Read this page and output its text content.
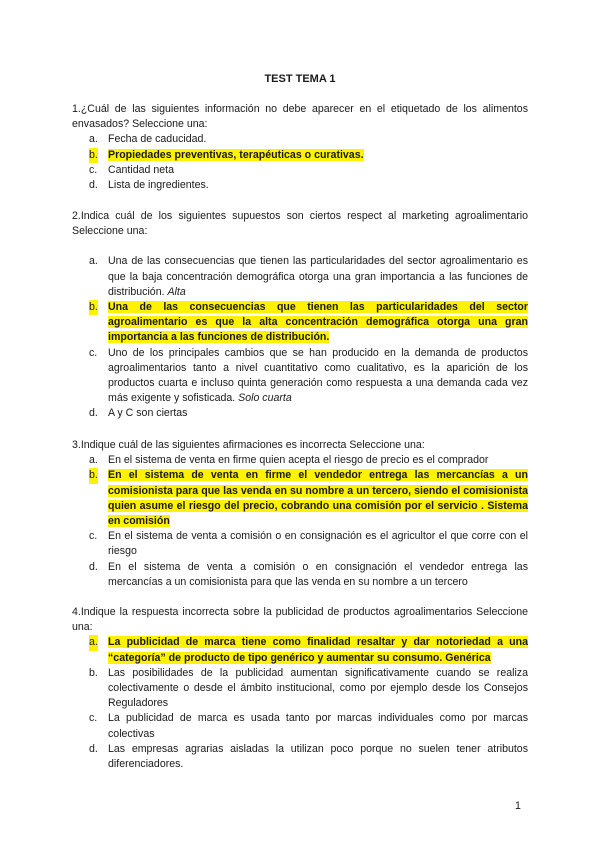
TEST TEMA 1
1.¿Cuál de las siguientes información no debe aparecer en el etiquetado de los alimentos envasados? Seleccione una:
a. Fecha de caducidad.
b. Propiedades preventivas, terapéuticas o curativas.
c. Cantidad neta
d. Lista de ingredientes.
2.Indica cuál de los siguientes supuestos son ciertos respect al marketing agroalimentario Seleccione una:
a. Una de las consecuencias que tienen las particularidades del sector agroalimentario es que la baja concentración demográfica otorga una gran importancia a las funciones de distribución. Alta
b. Una de las consecuencias que tienen las particularidades del sector agroalimentario es que la alta concentración demográfica otorga una gran importancia a las funciones de distribución.
c. Uno de los principales cambios que se han producido en la demanda de productos agroalimentarios tanto a nivel cuantitativo como cualitativo, es la aparición de los productos cuarta e incluso quinta generación como respuesta a una demanda cada vez más exigente y sofisticada. Solo cuarta
d. A y C son ciertas
3.Indique cuál de las siguientes afirmaciones es incorrecta Seleccione una:
a. En el sistema de venta en firme quien acepta el riesgo de precio es el comprador
b. En el sistema de venta en firme el vendedor entrega las mercancías a un comisionista para que las venda en su nombre a un tercero, siendo el comisionista quien asume el riesgo del precio, cobrando una comisión por el servicio . Sistema en comisión
c. En el sistema de venta a comisión o en consignación es el agricultor el que corre con el riesgo
d. En el sistema de venta a comisión o en consignación el vendedor entrega las mercancías a un comisionista para que las venda en su nombre a un tercero
4.Indique la respuesta incorrecta sobre la publicidad de productos agroalimentarios Seleccione una:
a. La publicidad de marca tiene como finalidad resaltar y dar notoriedad a una “categoría” de producto de tipo genérico y aumentar su consumo. Genérica
b. Las posibilidades de la publicidad aumentan significativamente cuando se realiza colectivamente o desde el ámbito institucional, como por ejemplo desde los Consejos Reguladores
c. La publicidad de marca es usada tanto por marcas individuales como por marcas colectivas
d. Las empresas agrarias aisladas la utilizan poco porque no suelen tener atributos diferenciadores.
1
